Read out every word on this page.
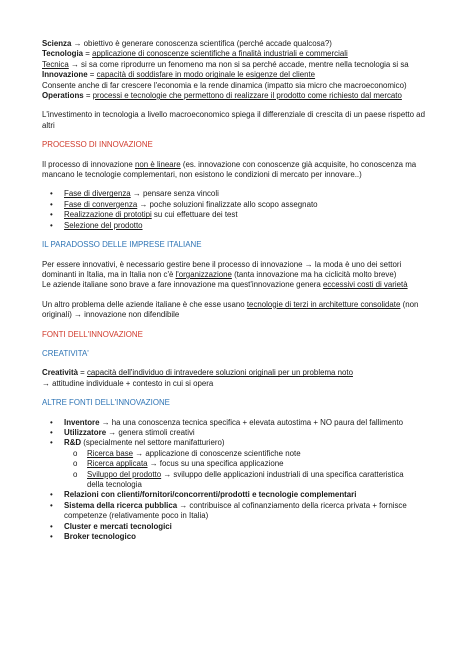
Scienza → obiettivo è generare conoscenza scientifica (perché accade qualcosa?)

Tecnologia = applicazione di conoscenze scientifiche a finalità industriali e commerciali

Tecnica → si sa come riprodurre un fenomeno ma non si sa perché accade, mentre nella tecnologia si sa

Innovazione = capacità di soddisfare in modo originale le esigenze del cliente

Consente anche di far crescere l'economia e la rende dinamica (impatto sia micro che macroeconomico)

Operations = processi e tecnologie che permettono di realizzare il prodotto come richiesto dal mercato

L'investimento in tecnologia a livello macroeconomico spiega il differenziale di crescita di un paese rispetto ad altri

PROCESSO DI INNOVAZIONE

Il processo di innovazione non è lineare (es. innovazione con conoscenze già acquisite, ho conoscenza ma mancano le tecnologie complementari, non esistono le condizioni di mercato per innovare..)

• Fase di divergenza → pensare senza vincoli
• Fase di convergenza → poche soluzioni finalizzate allo scopo assegnato
• Realizzazione di prototipi su cui effettuare dei test
• Selezione del prodotto

IL PARADOSSO DELLE IMPRESE ITALIANE

Per essere innovativi, è necessario gestire bene il processo di innovazione → la moda è uno dei settori dominanti in Italia, ma in Italia non c'è l'organizzazione (tanta innovazione ma ha ciclicità molto breve)

Le aziende italiane sono brave a fare innovazione ma quest'innovazione genera eccessivi costi di varietà

Un altro problema delle aziende italiane è che esse usano tecnologie di terzi in architetture consolidate (non originali) → innovazione non difendibile

FONTI DELL'INNOVAZIONE

CREATIVITA'

Creatività = capacità dell'individuo di intravedere soluzioni originali per un problema noto

→ attitudine individuale + contesto in cui si opera

ALTRE FONTI DELL'INNOVAZIONE

• Inventore → ha una conoscenza tecnica specifica + elevata autostima + NO paura del fallimento
• Utilizzatore → genera stimoli creativi
• R&D (specialmente nel settore manifatturiero)
o Ricerca base → applicazione di conoscenze scientifiche note
o Ricerca applicata → focus su una specifica applicazione
o Sviluppo del prodotto → sviluppo delle applicazioni industriali di una specifica caratteristica

della tecnologia

• Relazioni con clienti/fornitori/concorrenti/prodotti e tecnologie complementari
• Sistema della ricerca pubblica → contribuisce al cofinanziamento della ricerca privata + fornisce

competenze (relativamente poco in Italia)

• Cluster e mercati tecnologici
• Broker tecnologico
